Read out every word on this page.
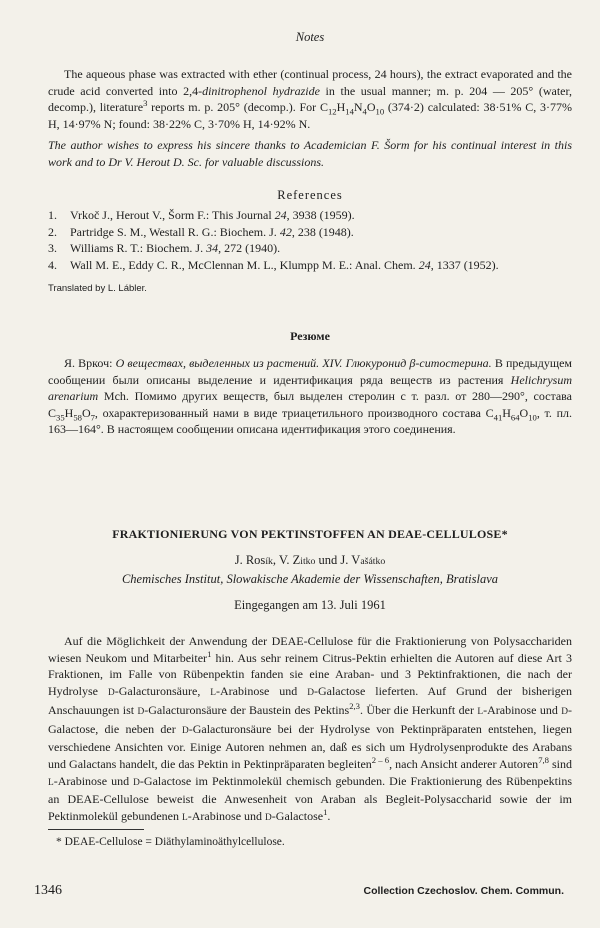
Notes

The aqueous phase was extracted with ether (continual process, 24 hours), the extract evaporated and the crude acid converted into 2,4-dinitrophenol hydrazide in the usual manner; m. p. 204 — 205° (water, decomp.), literature$^3$ reports m. p. 205° (decomp.). For $C_{12}H_{14}N_4O_{10}$ (374·2) calculated: 38·51% C, 3·77% H, 14·97% N; found: 38·22% C, 3·70% H, 14·92% N.

The author wishes to express his sincere thanks to Academician F. Šorm for his continual interest in this work and to Dr V. Herout D. Sc. for valuable discussions.

References

1. Vrkoč J., Herout V., Šorm F.: This Journal 24, 3938 (1959).
2. Partridge S. M., Westall R. G.: Biochem. J. 42, 238 (1948).
3. Williams R. T.: Biochem. J. 34, 272 (1940).
4. Wall M. E., Eddy C. R., McClennan M. L., Klumpp M. E.: Anal. Chem. 24, 1337 (1952).

Translated by L. Lábler.

Резюме

Я. Вркоч: О веществах, выделенных из растений. XIV. Глюкуронид β-ситостерина. В предыдущем сообщении были описаны выделение и идентификация ряда веществ из растения Helichrysum arenarium Mch. Помимо других веществ, был выделен стеролин с т. разл. от 280—290°, состава $C_{35}H_{58}O_7$, охарактеризованный нами в виде триацетильного производного состава $C_{41}H_{64}O_{10}$, т. пл. 163—164°. В настоящем сообщении описана идентификация этого соединения.

FRAKTIONIERUNG VON PEKTINSTOFFEN AN DEAE-CELLULOSE*

J. Rosík, V. Zitko und J. Vašátko

Chemisches Institut, Slowakische Akademie der Wissenschaften, Bratislava

Eingegangen am 13. Juli 1961

Auf die Möglichkeit der Anwendung der DEAE-Cellulose für die Fraktionierung von Polysacchariden wiesen Neukom und Mitarbeiter$^1$ hin. Aus sehr reinem Citrus-Pektin erhielten die Autoren auf diese Art 3 Fraktionen, im Falle von Rübenpektin fanden sie eine Araban- und 3 Pektinfraktionen, die nach der Hydrolyse D-Galacturonsäure, L-Arabinose und D-Galactose lieferten. Auf Grund der bisherigen Anschauungen ist D-Galacturonsäure der Baustein des Pektins$^{2,3}$. Über die Herkunft der L-Arabinose und D-Galactose, die neben der D-Galacturonsäure bei der Hydrolyse von Pektinpräparaten entstehen, liegen verschiedene Ansichten vor. Einige Autoren nehmen an, daß es sich um Hydrolysenprodukte des Arabans und Galactans handelt, die das Pektin in Pektinpräparaten begleiten$^{2 - 6}$, nach Ansicht anderer Autoren$^{7,8}$ sind L-Arabinose und D-Galactose im Pektinmolekül chemisch gebunden. Die Fraktionierung des Rübenpektins an DEAE-Cellulose beweist die Anwesenheit von Araban als Begleit-Polysaccharid sowie der im Pektinmolekül gebundenen L-Arabinose und D-Galactose$^1$.

* DEAE-Cellulose = Diäthylaminoäthylcellulose.

1346	Collection Czechoslov. Chem. Commun.
